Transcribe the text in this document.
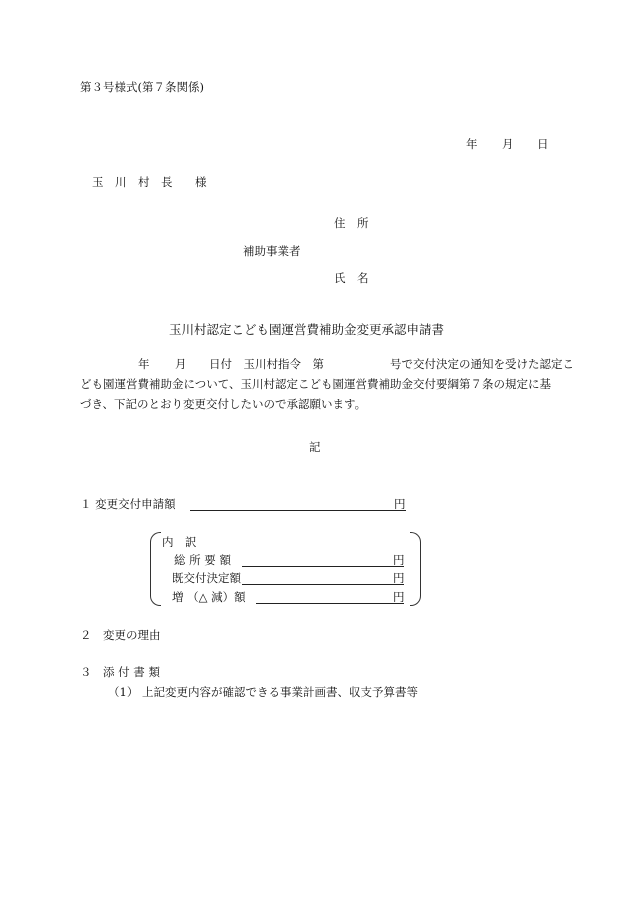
第３号様式(第７条関係)
年 月 日
玉　川　村　長 様
住　所
補助事業者
氏　名
玉川村認定こども園運営費補助金変更承認申請書
年 月 日付　玉川村指令　第	号で交付決定の通知を受けた認定こ
ども園運営費補助金について、玉川村認定こども園運営費補助金交付要綱第７条の規定に基
づき、下記のとおり変更交付したいので承認願います。
記
１ 変更交付申請額	円
内　訳
総 所 要 額	円
既交付決定額	円
増 （△ 減）額	円
２　変更の理由
３　添 付 書 類
（1） 上記変更内容が確認できる事業計画書、収支予算書等
